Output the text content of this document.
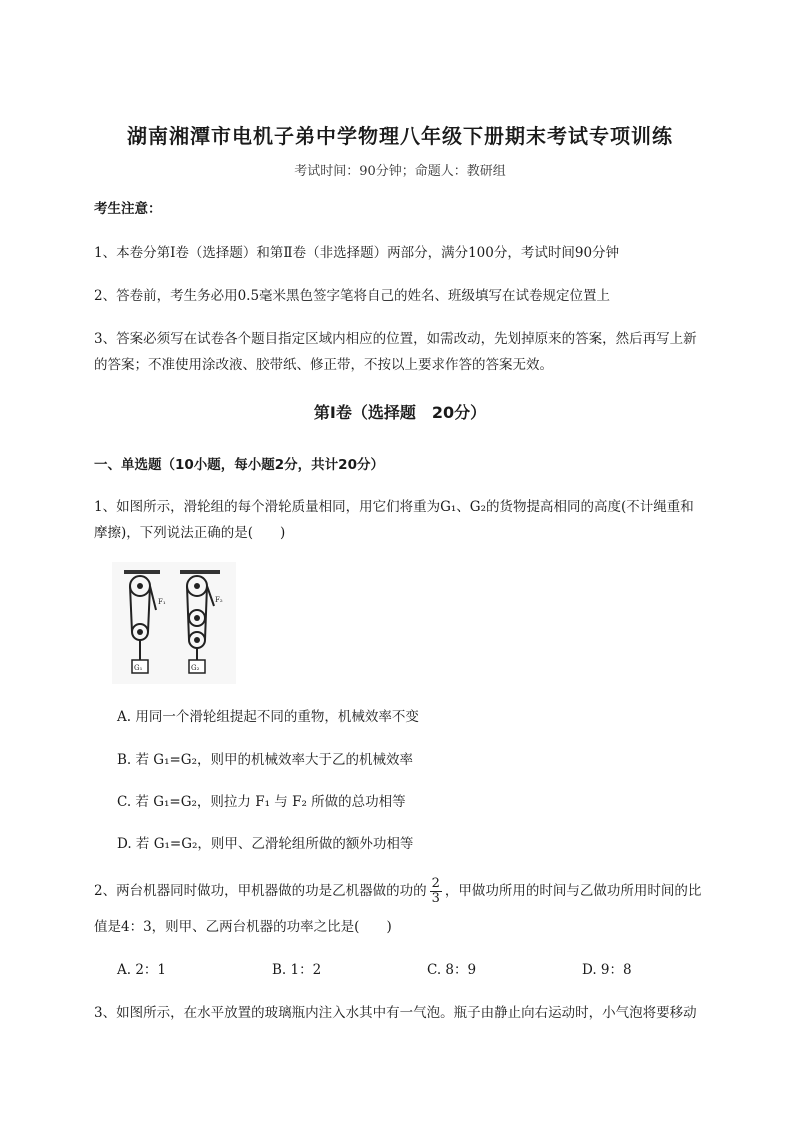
湖南湘潭市电机子弟中学物理八年级下册期末考试专项训练
考试时间：90分钟；命题人：教研组
考生注意：
1、本卷分第I卷（选择题）和第Ⅱ卷（非选择题）两部分，满分100分，考试时间90分钟
2、答卷前，考生务必用0.5毫米黑色签字笔将自己的姓名、班级填写在试卷规定位置上
3、答案必须写在试卷各个题目指定区域内相应的位置，如需改动，先划掉原来的答案，然后再写上新
的答案；不准使用涂改液、胶带纸、修正带，不按以上要求作答的答案无效。
第I卷（选择题　20分）
一、单选题（10小题，每小题2分，共计20分）
1、如图所示，滑轮组的每个滑轮质量相同，用它们将重为G₁、G₂的货物提高相同的高度(不计绳重和
摩擦)，下列说法正确的是(　　)
F₁	F₂
G₁	G₂
A. 用同一个滑轮组提起不同的重物，机械效率不变
B. 若 G₁=G₂，则甲的机械效率大于乙的机械效率
C. 若 G₁=G₂，则拉力 F₁ 与 F₂ 所做的总功相等
D. 若 G₁=G₂，则甲、乙滑轮组所做的额外功相等
2、两台机器同时做功，甲机器做的功是乙机器做的功的 $\frac{2}{3}$ ，甲做功所用的时间与乙做功所用时间的比
值是4：3，则甲、乙两台机器的功率之比是(　　)
A. 2：1	B. 1：2	C. 8：9	D. 9：8
3、如图所示，在水平放置的玻璃瓶内注入水其中有一气泡。瓶子由静止向右运动时，小气泡将要移动
